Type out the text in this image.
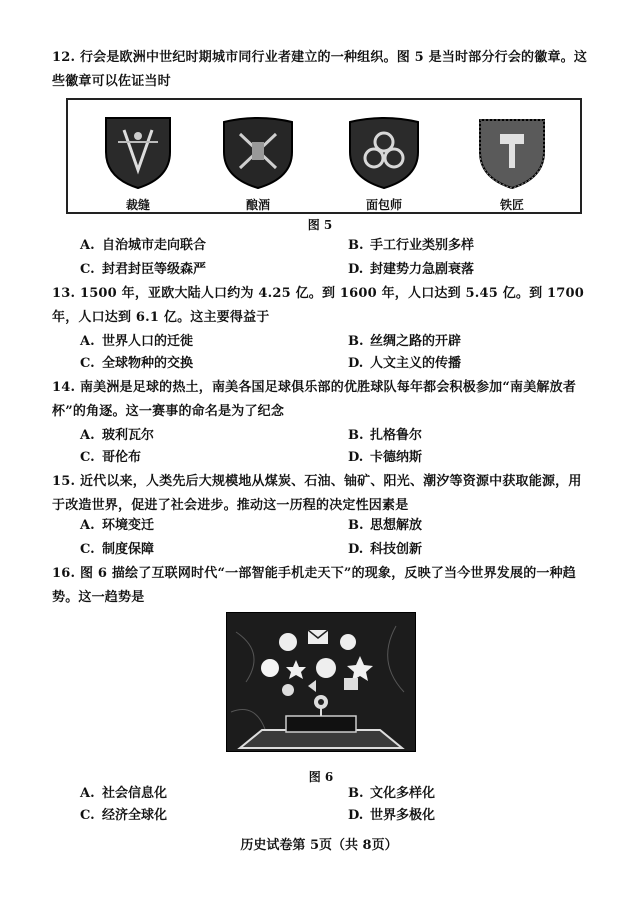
12. 行会是欧洲中世纪时期城市同行业者建立的一种组织。图 5 是当时部分行会的徽章。这些徽章可以佐证当时
裁缝	酿酒	面包师	铁匠
图 5
A. 自治城市走向联合	B. 手工行业类别多样
C. 封君封臣等级森严	D. 封建势力急剧衰落
13. 1500 年，亚欧大陆人口约为 4.25 亿。到 1600 年，人口达到 5.45 亿。到 1700 年，人口达到 6.1 亿。这主要得益于
A. 世界人口的迁徙	B. 丝绸之路的开辟
C. 全球物种的交换	D. 人文主义的传播
14. 南美洲是足球的热土，南美各国足球俱乐部的优胜球队每年都会积极参加“南美解放者杯”的角逐。这一赛事的命名是为了纪念
A. 玻利瓦尔	B. 扎格鲁尔
C. 哥伦布	D. 卡德纳斯
15. 近代以来，人类先后大规模地从煤炭、石油、铀矿、阳光、潮汐等资源中获取能源，用于改造世界，促进了社会进步。推动这一历程的决定性因素是
A. 环境变迁	B. 思想解放
C. 制度保障	D. 科技创新
16. 图 6 描绘了互联网时代“一部智能手机走天下”的现象，反映了当今世界发展的一种趋势。这一趋势是
图 6
A. 社会信息化	B. 文化多样化
C. 经济全球化	D. 世界多极化
历史试卷第 5页（共 8页）
